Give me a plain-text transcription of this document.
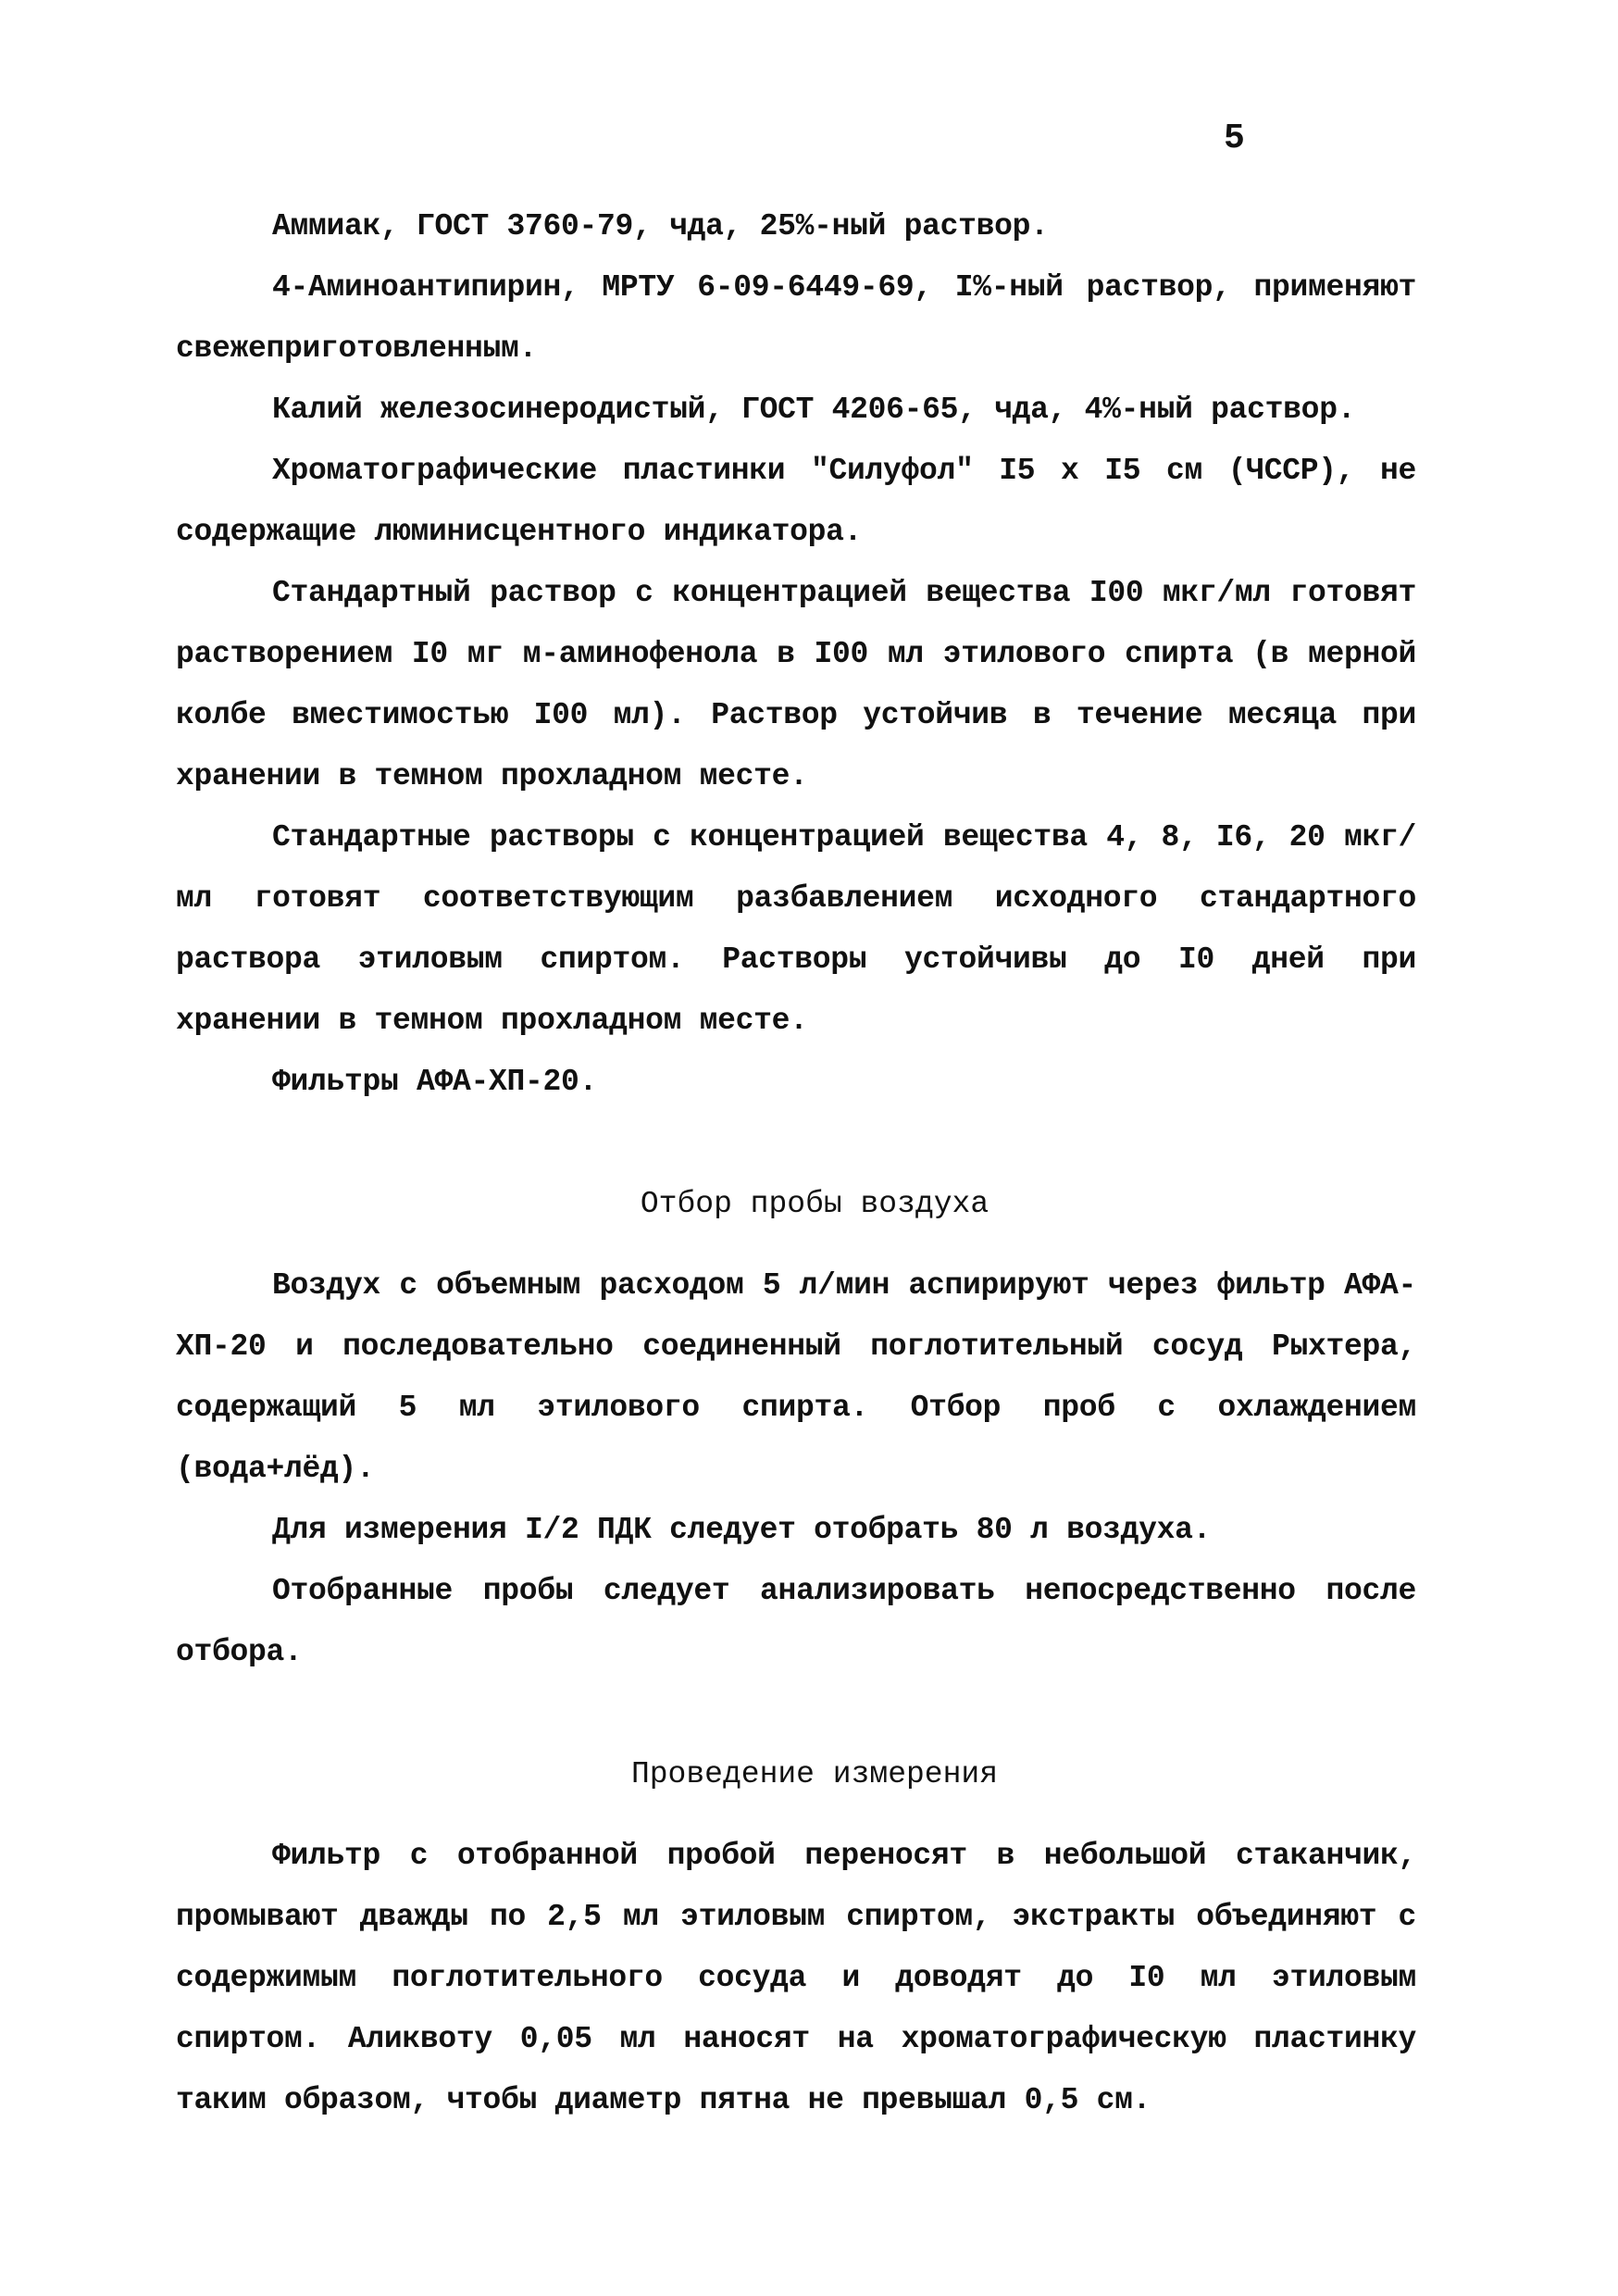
5

Аммиак, ГОСТ 3760-79, чда, 25%-ный раствор.

4-Аминоантипирин, МРТУ 6-09-6449-69, I%-ный раствор, применяют свежеприготовленным.

Калий железосинеродистый, ГОСТ 4206-65, чда, 4%-ный раствор.

Хроматографические пластинки "Силуфол" I5 х I5 см (ЧССР), не содержащие люминисцентного индикатора.

Стандартный раствор с концентрацией вещества I00 мкг/мл готовят растворением I0 мг м-аминофенола в I00 мл этилового спирта (в мерной колбе вместимостью I00 мл). Раствор устойчив в течение месяца при хранении в темном прохладном месте.

Стандартные растворы с концентрацией вещества 4, 8, I6, 20 мкг/мл готовят соответствующим разбавлением исходного стандартного раствора этиловым спиртом. Растворы устойчивы до I0 дней при хранении в темном прохладном месте.

Фильтры АФА-ХП-20.

Отбор пробы воздуха

Воздух с объемным расходом 5 л/мин аспирируют через фильтр АФА-ХП-20 и последовательно соединенный поглотительный сосуд Рыхтера, содержащий 5 мл этилового спирта. Отбор проб с охлаждением (вода+лёд).

Для измерения I/2 ПДК следует отобрать 80 л воздуха.

Отобранные пробы следует анализировать непосредственно после отбора.

Проведение измерения

Фильтр с отобранной пробой переносят в небольшой стаканчик, промывают дважды по 2,5 мл этиловым спиртом, экстракты объединяют с содержимым поглотительного сосуда и доводят до I0 мл этиловым спиртом. Аликвоту 0,05 мл наносят на хроматографическую пластинку таким образом, чтобы диаметр пятна не превышал 0,5 см.
